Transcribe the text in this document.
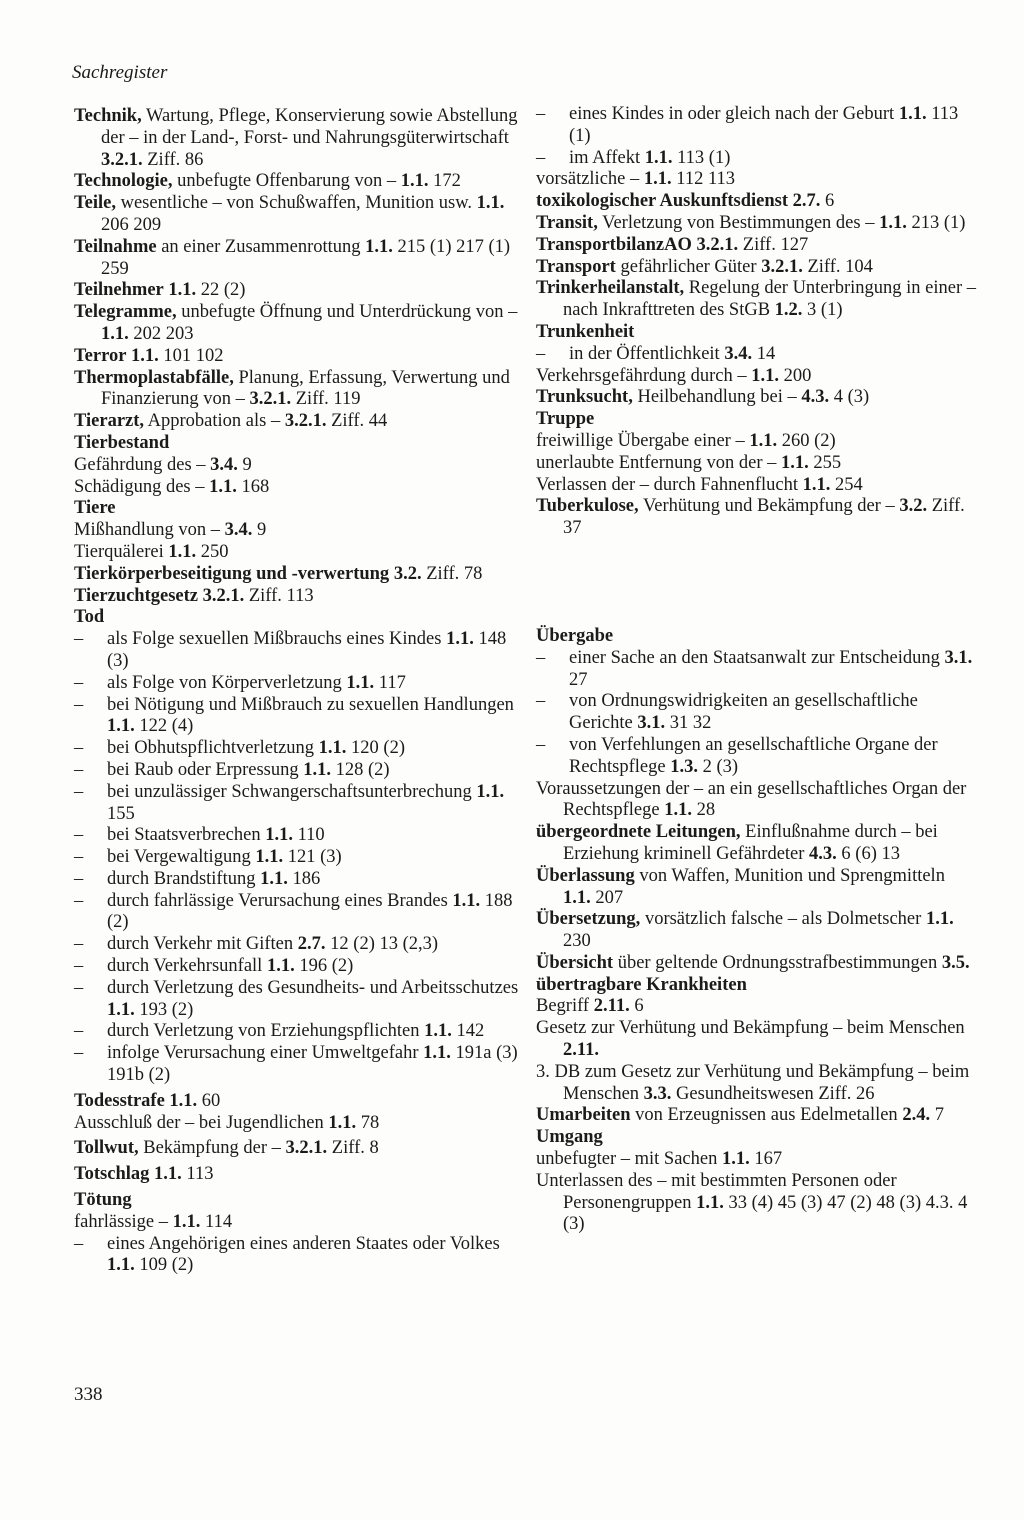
Sachregister

Technik, Wartung, Pflege, Konservierung sowie Abstellung der – in der Land-, Forst- und Nahrungsgüterwirtschaft 3.2.1. Ziff. 86

Technologie, unbefugte Offenbarung von – 1.1. 172

Teile, wesentliche – von Schußwaffen, Munition usw. 1.1. 206 209

Teilnahme an einer Zusammenrottung 1.1. 215 (1) 217 (1) 259

Teilnehmer 1.1. 22 (2)

Telegramme, unbefugte Öffnung und Unterdrückung von – 1.1. 202 203

Terror 1.1. 101 102

Thermoplastabfälle, Planung, Erfassung, Verwertung und Finanzierung von – 3.2.1. Ziff. 119

Tierarzt, Approbation als – 3.2.1. Ziff. 44

Tierbestand

Gefährdung des – 3.4. 9

Schädigung des – 1.1. 168

Tiere

Mißhandlung von – 3.4. 9

Tierquälerei 1.1. 250

Tierkörperbeseitigung und -verwertung 3.2. Ziff. 78

Tierzuchtgesetz 3.2.1. Ziff. 113

Tod

– als Folge sexuellen Mißbrauchs eines Kindes 1.1. 148 (3)

– als Folge von Körperverletzung 1.1. 117

– bei Nötigung und Mißbrauch zu sexuellen Handlungen 1.1. 122 (4)

– bei Obhutspflichtverletzung 1.1. 120 (2)

– bei Raub oder Erpressung 1.1. 128 (2)

– bei unzulässiger Schwangerschaftsunterbrechung 1.1. 155

– bei Staatsverbrechen 1.1. 110

– bei Vergewaltigung 1.1. 121 (3)

– durch Brandstiftung 1.1. 186

– durch fahrlässige Verursachung eines Brandes 1.1. 188 (2)

– durch Verkehr mit Giften 2.7. 12 (2) 13 (2,3)

– durch Verkehrsunfall 1.1. 196 (2)

– durch Verletzung des Gesundheits- und Arbeitsschutzes 1.1. 193 (2)

– durch Verletzung von Erziehungspflichten 1.1. 142

– infolge Verursachung einer Umweltgefahr 1.1. 191a (3) 191b (2)

Todesstrafe 1.1. 60

Ausschluß der – bei Jugendlichen 1.1. 78

Tollwut, Bekämpfung der – 3.2.1. Ziff. 8

Totschlag 1.1. 113

Tötung

fahrlässige – 1.1. 114

– eines Angehörigen eines anderen Staates oder Volkes 1.1. 109 (2)

– eines Kindes in oder gleich nach der Geburt 1.1. 113 (1)

– im Affekt 1.1. 113 (1)

vorsätzliche – 1.1. 112 113

toxikologischer Auskunftsdienst 2.7. 6

Transit, Verletzung von Bestimmungen des – 1.1. 213 (1)

TransportbilanzAO 3.2.1. Ziff. 127

Transport gefährlicher Güter 3.2.1. Ziff. 104

Trinkerheilanstalt, Regelung der Unterbringung in einer – nach Inkrafttreten des StGB 1.2. 3 (1)

Trunkenheit

– in der Öffentlichkeit 3.4. 14

Verkehrsgefährdung durch – 1.1. 200

Trunksucht, Heilbehandlung bei – 4.3. 4 (3)

Truppe

freiwillige Übergabe einer – 1.1. 260 (2)

unerlaubte Entfernung von der – 1.1. 255

Verlassen der – durch Fahnenflucht 1.1. 254

Tuberkulose, Verhütung und Bekämpfung der – 3.2. Ziff. 37

Übergabe

– einer Sache an den Staatsanwalt zur Entscheidung 3.1. 27

– von Ordnungswidrigkeiten an gesellschaftliche Gerichte 3.1. 31 32

– von Verfehlungen an gesellschaftliche Organe der Rechtspflege 1.3. 2 (3)

Voraussetzungen der – an ein gesellschaftliches Organ der Rechtspflege 1.1. 28

übergeordnete Leitungen, Einflußnahme durch – bei Erziehung kriminell Gefährdeter 4.3. 6 (6) 13

Überlassung von Waffen, Munition und Sprengmitteln 1.1. 207

Übersetzung, vorsätzlich falsche – als Dolmetscher 1.1. 230

Übersicht über geltende Ordnungsstrafbestimmungen 3.5.

übertragbare Krankheiten

Begriff 2.11. 6

Gesetz zur Verhütung und Bekämpfung – beim Menschen 2.11.

3. DB zum Gesetz zur Verhütung und Bekämpfung – beim Menschen 3.3. Gesundheitswesen Ziff. 26

Umarbeiten von Erzeugnissen aus Edelmetallen 2.4. 7

Umgang

unbefugter – mit Sachen 1.1. 167

Unterlassen des – mit bestimmten Personen oder Personengruppen 1.1. 33 (4) 45 (3) 47 (2) 48 (3) 4.3. 4 (3)

338
